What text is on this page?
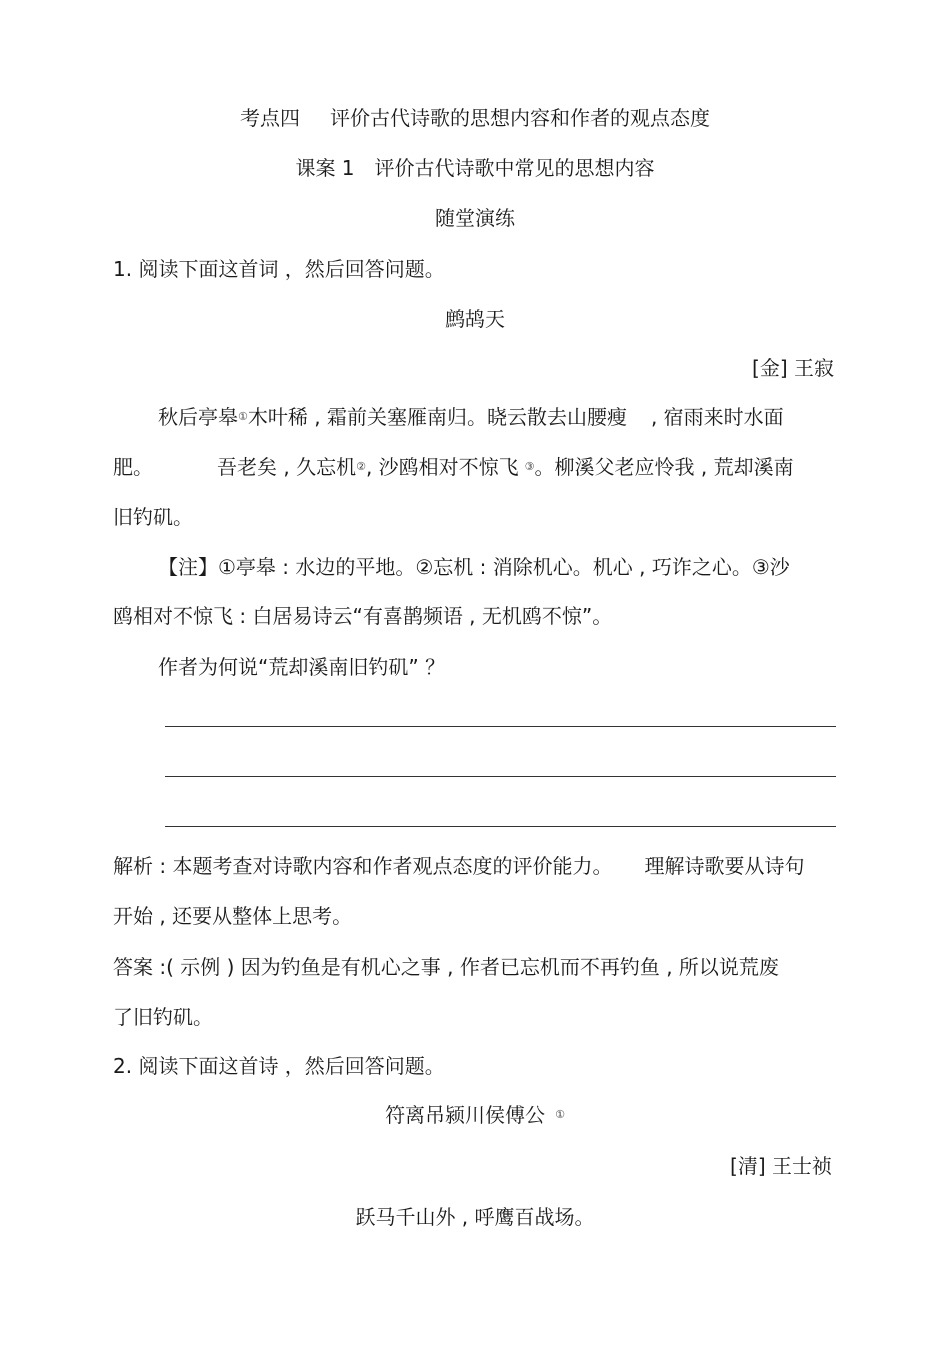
考点四 评价古代诗歌的思想内容和作者的观点态度
课案 1 评价古代诗歌中常见的思想内容
随堂演练
1. 阅读下面这首词 ，然后回答问题。
鹧鸪天
[金] 王寂
秋后亭皋①木叶稀 , 霜前关塞雁南归。晓云散去山腰瘦 , 宿雨来时水面
肥。	吾老矣 , 久忘机②, 沙鸥相对不惊飞 ③。柳溪父老应怜我 , 荒却溪南
旧钓矶。
【注】①亭皋 : 水边的平地。②忘机 : 消除机心。机心 , 巧诈之心。③沙
鸥相对不惊飞 : 白居易诗云“有喜鹊频语 , 无机鸥不惊”。
作者为何说“荒却溪南旧钓矶” ？
解析 : 本题考查对诗歌内容和作者观点态度的评价能力。 理解诗歌要从诗句
开始 , 还要从整体上思考。
答案 :( 示例 ) 因为钓鱼是有机心之事 , 作者已忘机而不再钓鱼 , 所以说荒废
了旧钓矶。
2. 阅读下面这首诗 ，然后回答问题。
符离吊颍川侯傅公 ①
[清] 王士祯
跃马千山外 , 呼鹰百战场。
